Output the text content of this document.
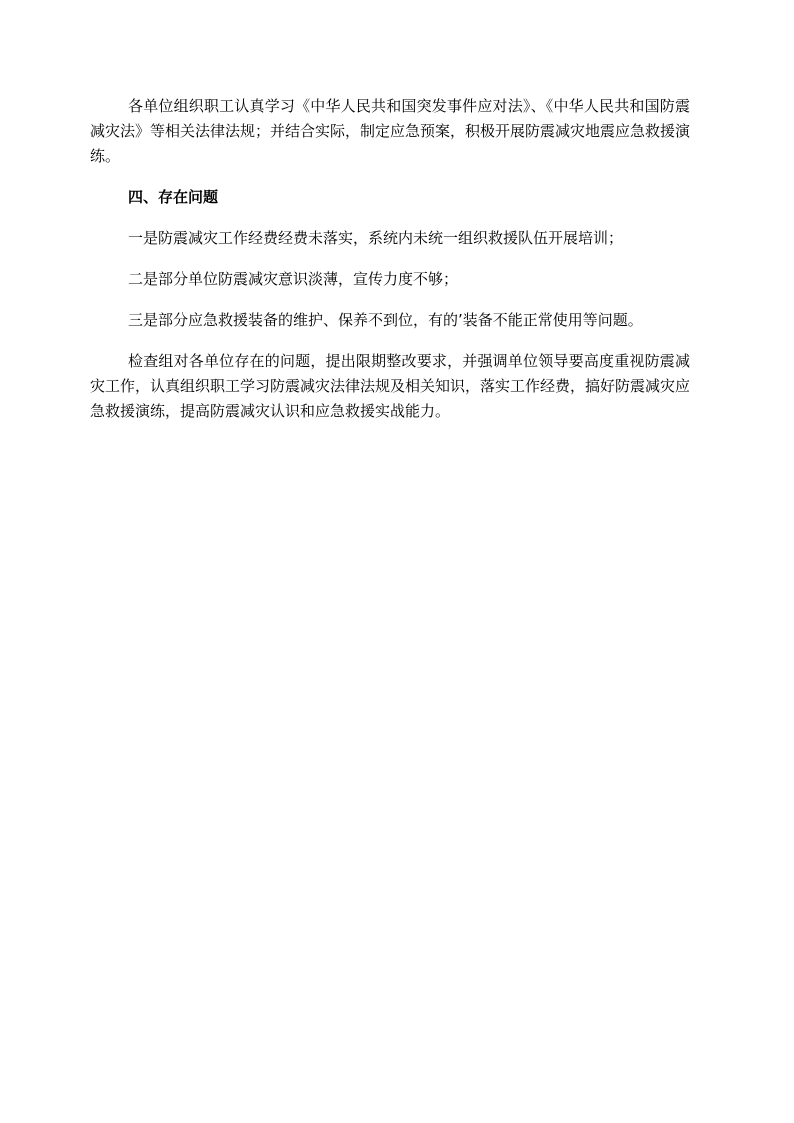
各单位组织职工认真学习《中华人民共和国突发事件应对法》、《中华人民共和国防震减灾法》等相关法律法规；并结合实际，制定应急预案，积极开展防震减灾地震应急救援演练。

四、存在问题

一是防震减灾工作经费经费未落实，系统内未统一组织救援队伍开展培训；

二是部分单位防震减灾意识淡薄，宣传力度不够；

三是部分应急救援装备的维护、保养不到位，有的’装备不能正常使用等问题。

检查组对各单位存在的问题，提出限期整改要求，并强调单位领导要高度重视防震减灾工作，认真组织职工学习防震减灾法律法规及相关知识，落实工作经费，搞好防震减灾应急救援演练，提高防震减灾认识和应急救援实战能力。
